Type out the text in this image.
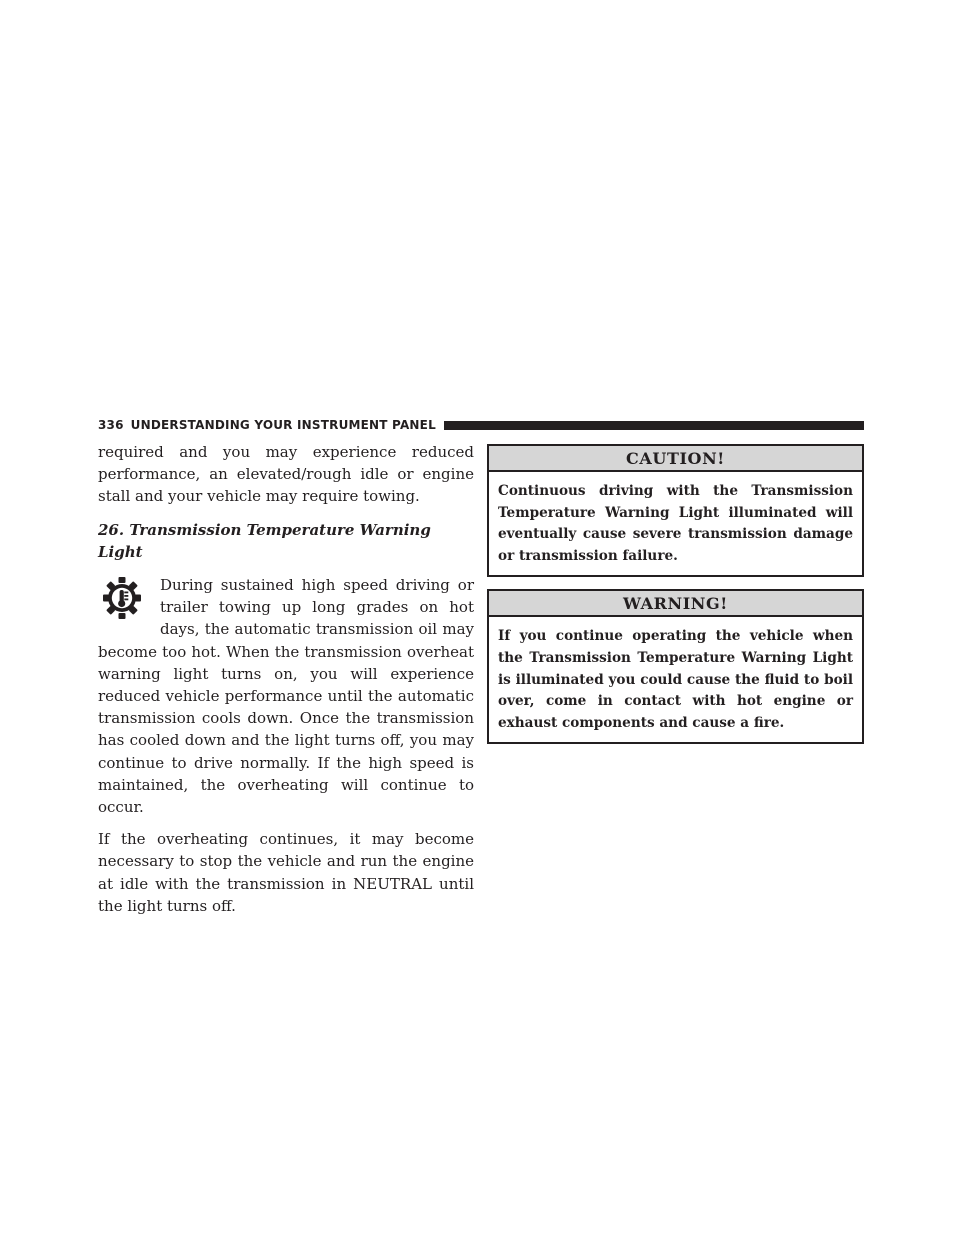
336 UNDERSTANDING YOUR INSTRUMENT PANEL

required and you may experience reduced performance, an elevated/rough idle or engine stall and your vehicle may require towing.

26. Transmission Temperature Warning Light

During sustained high speed driving or trailer towing up long grades on hot days, the automatic transmission oil may become too hot. When the transmission overheat warning light turns on, you will experience reduced vehicle performance until the automatic transmission cools down. Once the transmission has cooled down and the light turns off, you may continue to drive normally. If the high speed is maintained, the overheating will continue to occur.

If the overheating continues, it may become necessary to stop the vehicle and run the engine at idle with the transmission in NEUTRAL until the light turns off.

CAUTION!
Continuous driving with the Transmission Temperature Warning Light illuminated will eventually cause severe transmission damage or transmission failure.
WARNING!
If you continue operating the vehicle when the Transmission Temperature Warning Light is illuminated you could cause the fluid to boil over, come in contact with hot engine or exhaust components and cause a fire.
